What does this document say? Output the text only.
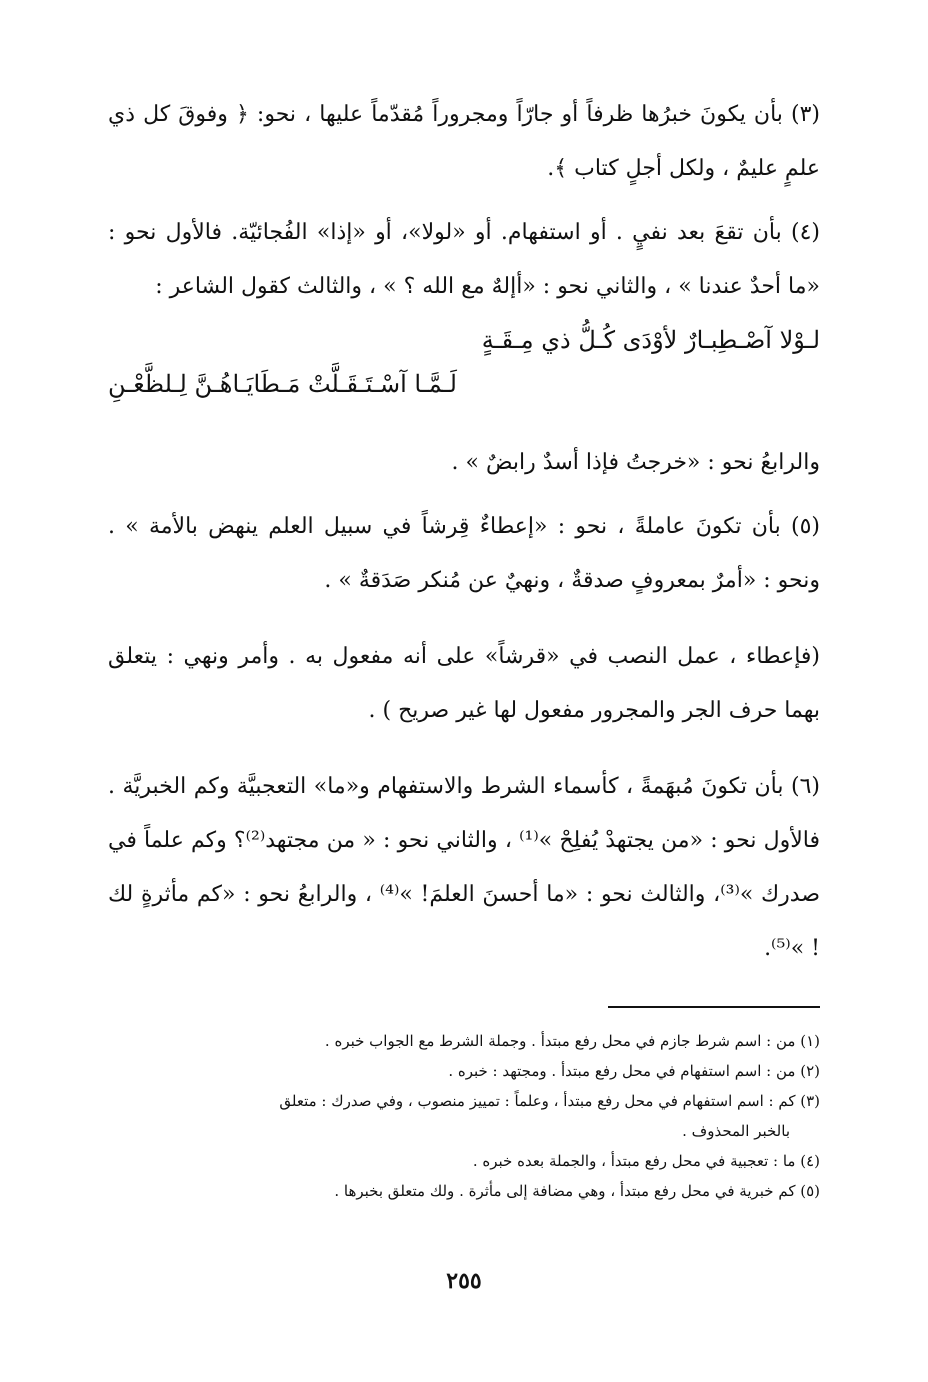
(٣) بأن يكونَ خبرُها ظرفاً أو جارّاً ومجروراً مُقدّماً عليها ، نحو: ﴿ وفوقَ كل ذي علمٍ عليمٌ ، ولكل أجلٍ كتاب ﴾.

(٤) بأن تقعَ بعد نفيٍ . أو استفهام. أو «لولا»، أو «إذا» الفُجائيّة. فالأول نحو : «ما أحدٌ عندنا » ، والثاني نحو : «أإلهٌ مع الله ؟ » ، والثالث كقول الشاعر :

لـوْلا آصْـطِبـارٌ لأوْدَى كُـلُّ ذي مِـقَـةٍ
لَـمَّـا آسْـتَـقَـلَّتْ مَـطَايَـاهُـنَّ لِـلظَّعْـنِ

والرابعُ نحو : «خرجتُ فإذا أسدٌ رابضٌ » .

(٥) بأن تكونَ عاملةً ، نحو : «إعطاءٌ قِرشاً في سبيل العلم ينهض بالأمة » . ونحو : «أمرٌ بمعروفٍ صدقةٌ ، ونهيٌ عن مُنكر صَدَقةٌ » .

(فإعطاء ، عمل النصب في «قرشاً» على أنه مفعول به . وأمر ونهي : يتعلق بهما حرف الجر والمجرور مفعول لها غير صريح ) .

(٦) بأن تكونَ مُبهَمةً ، كأسماء الشرط والاستفهام و«ما» التعجبيَّة وكم الخبريَّة . فالأول نحو : «من يجتهدْ يُفلِحْ »⁽¹⁾ ، والثاني نحو : « من مجتهد⁽²⁾؟ وكم علماً في صدرك »⁽³⁾، والثالث نحو : «ما أحسنَ العلمَ! »⁽⁴⁾ ، والرابعُ نحو : «كم مأثرةٍ لك ! »⁽⁵⁾.

(١) من : اسم شرط جازم في محل رفع مبتدأ . وجملة الشرط مع الجواب خبره .

(٢) من : اسم استفهام في محل رفع مبتدأ . ومجتهد : خبره .

(٣) كم : اسم استفهام في محل رفع مبتدأ ، وعلماً : تمييز منصوب ، وفي صدرك : متعلق

بالخبر المحذوف .

(٤) ما : تعجبية في محل رفع مبتدأ ، والجملة بعده خبره .

(٥) كم خبرية في محل رفع مبتدأ ، وهي مضافة إلى مأثرة . ولك متعلق بخبرها .

٢٥٥
